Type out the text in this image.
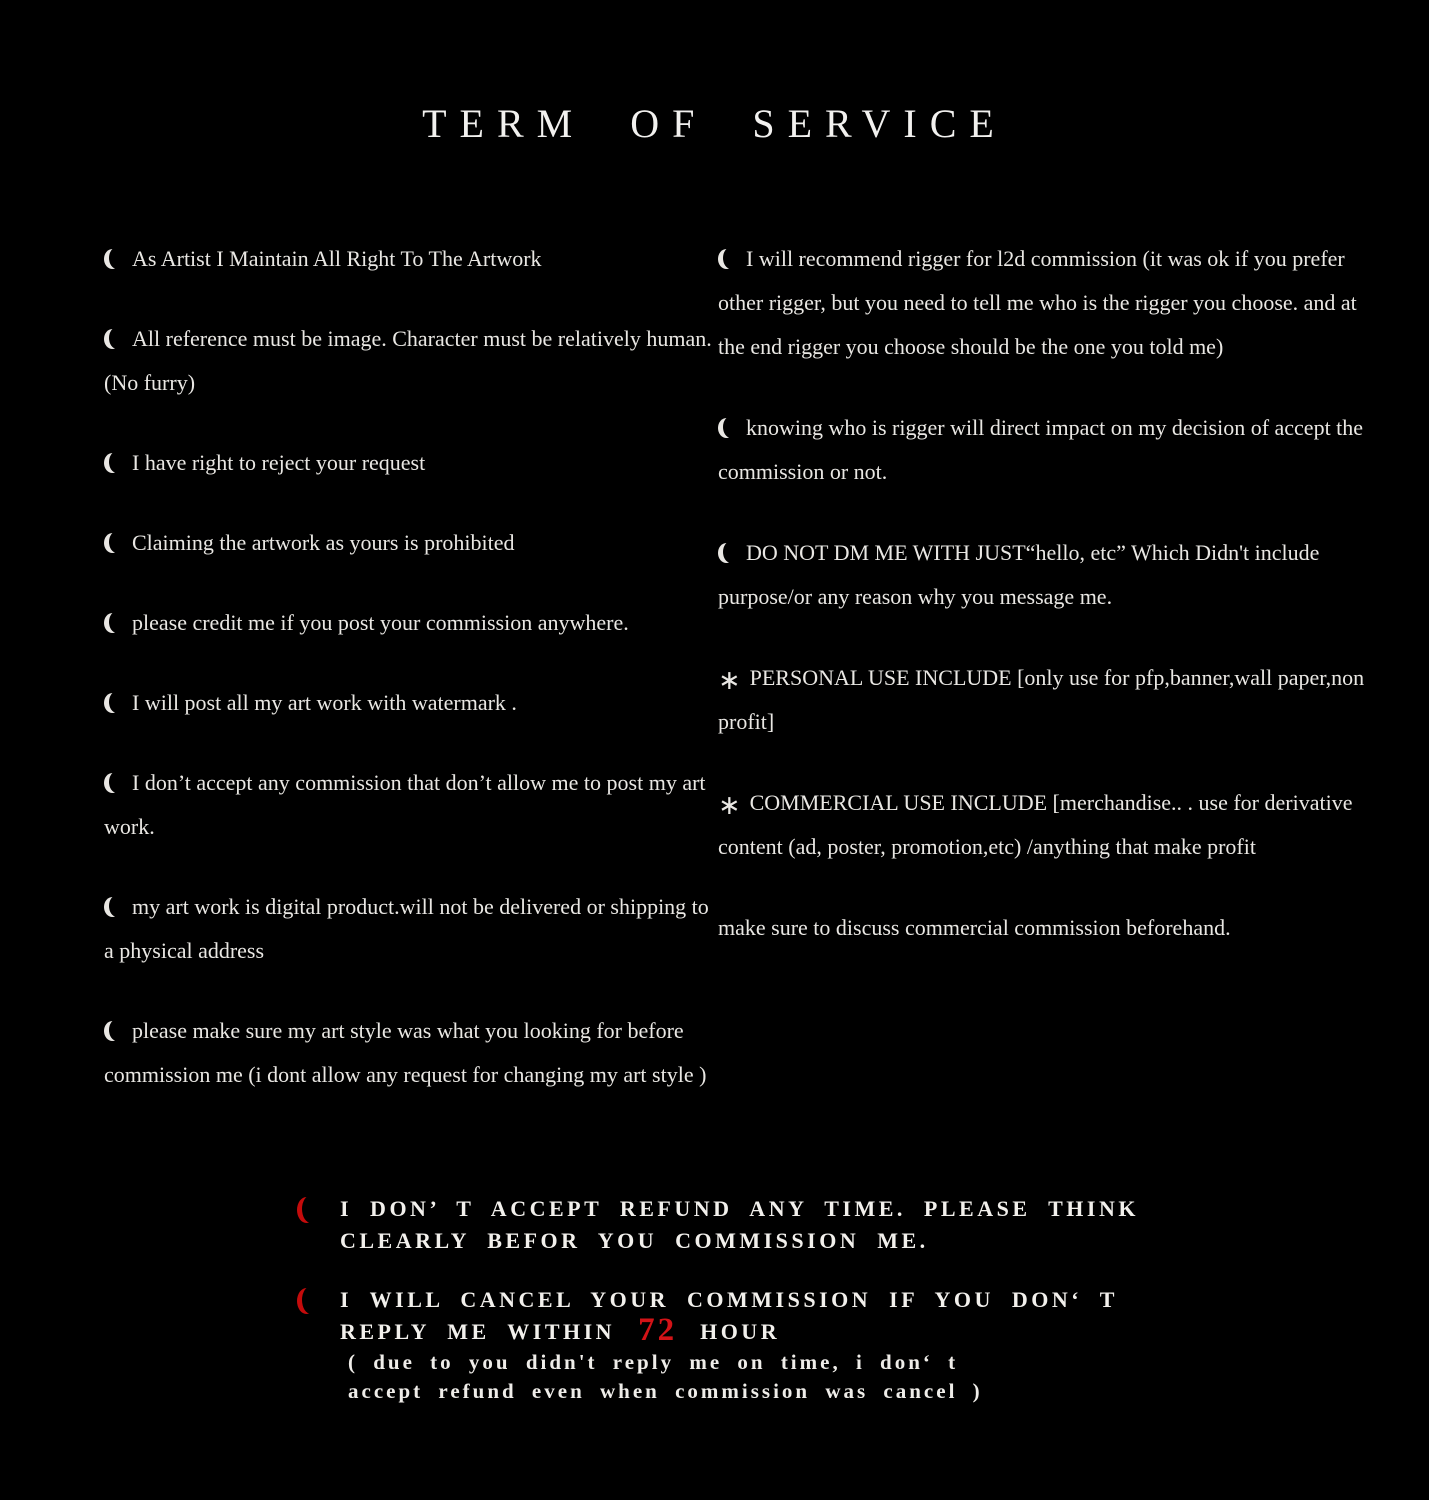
TERM OF SERVICE

As Artist I Maintain All Right To The Artwork

All reference must be image. Character must be relatively human.(No furry)

I have right to reject your request

Claiming the artwork as yours is prohibited

please credit me if you post your commission anywhere.

I will post all my art work with watermark .

I don’t accept any commission that don’t allow me to post my art work.

my art work is digital product.will not be delivered or shipping to a physical address

please make sure my art style was what you looking for before commission me (i dont allow any request for changing my art style )

I will recommend rigger for l2d commission (it was ok if you prefer other rigger, but you need to tell me who is the rigger you choose. and at the end rigger you choose should be the one you told me)

knowing who is rigger will direct impact on my decision of accept the commission or not.

DO NOT DM ME WITH JUST“hello, etc” Which Didn't include purpose/or any reason why you message me.

∗PERSONAL USE INCLUDE [only use for pfp,banner,wall paper,non profit]

∗COMMERCIAL USE INCLUDE [merchandise.. . use for derivative content (ad, poster, promotion,etc) /anything that make profit

make sure to discuss commercial commission beforehand.

I DON’ T ACCEPT REFUND ANY TIME. PLEASE THINK
CLEARLY BEFOR YOU COMMISSION ME.
I WILL CANCEL YOUR COMMISSION IF YOU DON‘ T
REPLY ME WITHIN 72 HOUR
( due to you didn't reply me on time, i don‘ t
accept refund even when commission was cancel )
